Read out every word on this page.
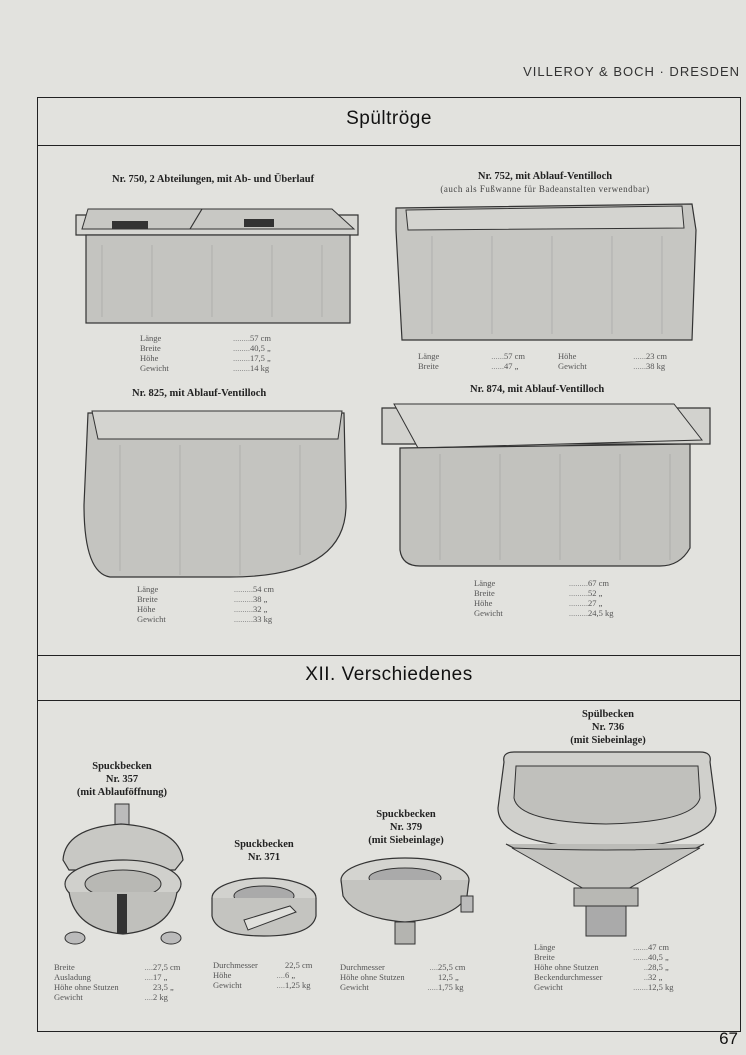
VILLEROY & BOCH · DRESDEN
Spültröge
XII. Verschiedenes
Nr. 750, 2 Abteilungen, mit Ab- und Überlauf
Länge	........ 57 cm
Breite	........ 40,5 „
Höhe	........ 17,5 „
Gewicht	........ 14 kg
Nr. 752, mit Ablauf-Ventilloch
(auch als Fußwanne für Badeanstalten verwendbar)
Länge	...... 57 cm
Breite	...... 47 „
Höhe	...... 23 cm
Gewicht	...... 38 kg
Nr. 825, mit Ablauf-Ventilloch
Länge	......... 54 cm
Breite	......... 38 „
Höhe	......... 32 „
Gewicht	......... 33 kg
Nr. 874, mit Ablauf-Ventilloch
Länge	......... 67 cm
Breite	......... 52 „
Höhe	......... 27 „
Gewicht	......... 24,5 kg
Spuckbecken
Nr. 357
(mit Ablauföffnung)
Breite	.... 27,5 cm
Ausladung	.... 17 „
Höhe ohne Stutzen	23,5 „
Gewicht	.... 2 kg
Spuckbecken
Nr. 371
Durchmesser	22,5 cm
Höhe	.... 6 „
Gewicht	.... 1,25 kg
Spuckbecken
Nr. 379
(mit Siebeinlage)
Durchmesser	.... 25,5 cm
Höhe ohne Stutzen	12,5 „
Gewicht	..... 1,75 kg
Spülbecken
Nr. 736
(mit Siebeinlage)
Länge	....... 47 cm
Breite	....... 40,5 „
Höhe ohne Stutzen	.. 28,5 „
Beckendurchmesser	.. 32 „
Gewicht	....... 12,5 kg
67
